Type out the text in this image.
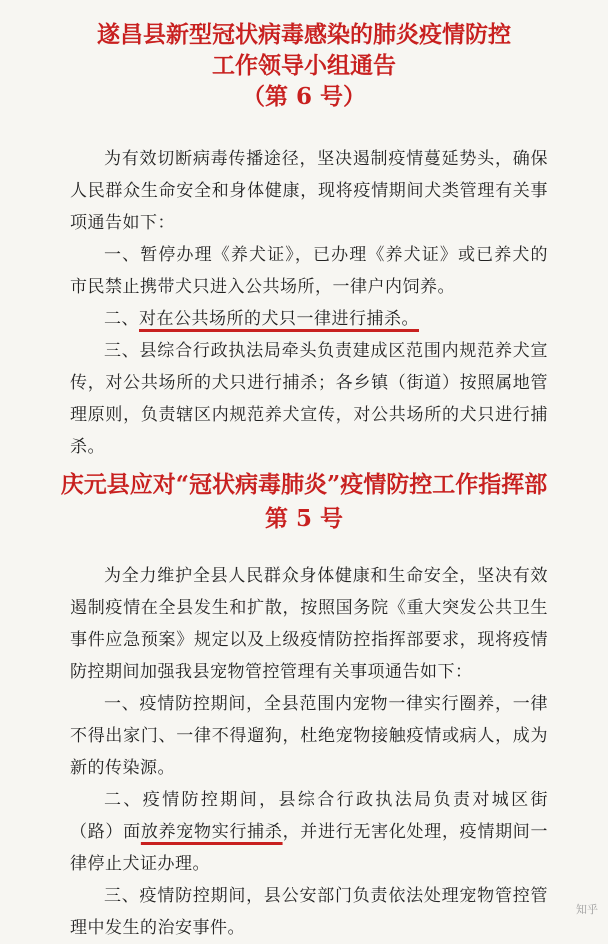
遂昌县新型冠状病毒感染的肺炎疫情防控
工作领导小组通告
（第 6 号）

为有效切断病毒传播途径，坚决遏制疫情蔓延势头，确保人民群众生命安全和身体健康，现将疫情期间犬类管理有关事项通告如下：

一、暂停办理《养犬证》，已办理《养犬证》或已养犬的市民禁止携带犬只进入公共场所，一律户内饲养。

二、对在公共场所的犬只一律进行捕杀。

三、县综合行政执法局牵头负责建成区范围内规范养犬宣传，对公共场所的犬只进行捕杀；各乡镇（街道）按照属地管理原则，负责辖区内规范养犬宣传，对公共场所的犬只进行捕杀。

庆元县应对“冠状病毒肺炎”疫情防控工作指挥部
第 5 号

为全力维护全县人民群众身体健康和生命安全，坚决有效遏制疫情在全县发生和扩散，按照国务院《重大突发公共卫生事件应急预案》规定以及上级疫情防控指挥部要求，现将疫情防控期间加强我县宠物管控管理有关事项通告如下：

一、疫情防控期间，全县范围内宠物一律实行圈养，一律不得出家门、一律不得遛狗，杜绝宠物接触疫情或病人，成为新的传染源。

二、疫情防控期间，县综合行政执法局负责对城区街（路）面放养宠物实行捕杀，并进行无害化处理，疫情期间一律停止犬证办理。

三、疫情防控期间，县公安部门负责依法处理宠物管控管理中发生的治安事件。

知乎
